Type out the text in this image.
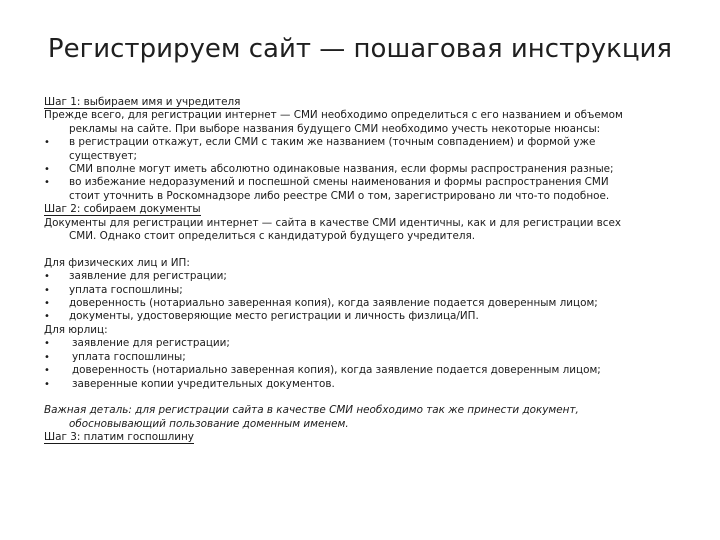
Регистрируем сайт — пошаговая инструкция
Шаг 1: выбираем имя и учредителя
Прежде всего, для регистрации интернет — СМИ необходимо определиться с его названием и объемом
рекламы на сайте. При выборе названия будущего СМИ необходимо учесть некоторые нюансы:
• в регистрации откажут, если СМИ с таким же названием (точным совпадением) и формой уже
существует;
• СМИ вполне могут иметь абсолютно одинаковые названия, если формы распространения разные;
• во избежание недоразумений и поспешной смены наименования и формы распространения СМИ
стоит уточнить в Роскомнадзоре либо реестре СМИ о том, зарегистрировано ли что-то подобное.
Шаг 2: собираем документы
Документы для регистрации интернет — сайта в качестве СМИ идентичны, как и для регистрации всех
СМИ. Однако стоит определиться с кандидатурой будущего учредителя.
Для физических лиц и ИП:
• заявление для регистрации;
• уплата госпошлины;
• доверенность (нотариально заверенная копия), когда заявление подается доверенным лицом;
• документы, удостоверяющие место регистрации и личность физлица/ИП.
Для юрлиц:
• заявление для регистрации;
• уплата госпошлины;
• доверенность (нотариально заверенная копия), когда заявление подается доверенным лицом;
• заверенные копии учредительных документов.
Важная деталь: для регистрации сайта в качестве СМИ необходимо так же принести документ,
обосновывающий пользование доменным именем.
Шаг 3: платим госпошлину
